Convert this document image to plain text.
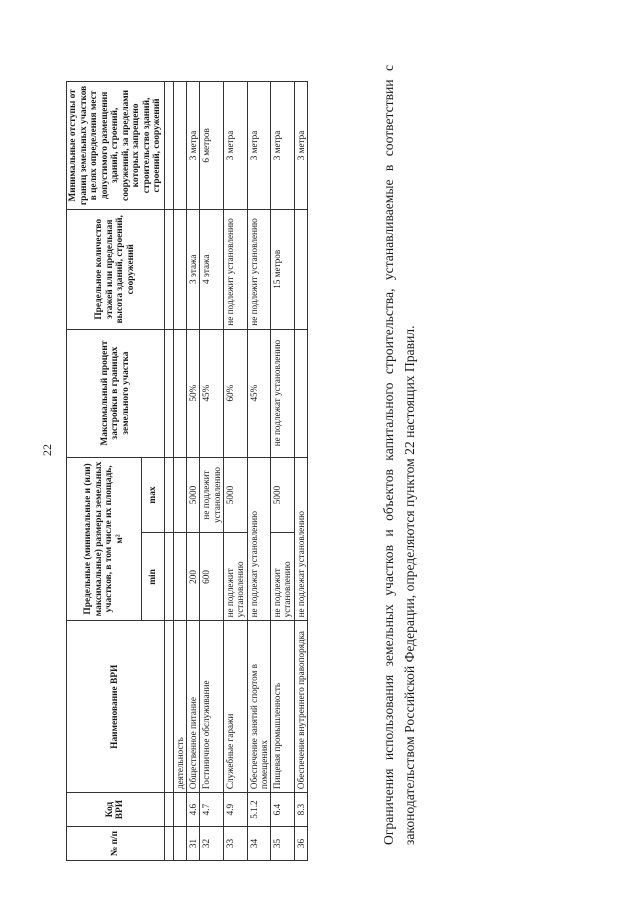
22
№ п/п	Код ВРИ	Наименование ВРИ	Предельные (минимальные и (или) максимальные) размеры земельных участков, в том числе их площадь, м²		Максимальный процент застройки в границах земельного участка	Предельное количество этажей или предельная высота зданий, строений, сооружений	Минимальные отступы от границ земельных участков в целях определения мест допустимого размещения зданий, строений, сооружений, за пределами которых запрещено строительство зданий, строений, сооружений
			min	max			

		деятельность					
31	4.6	Общественное питание	200	5000	50%	3 этажа	3 метра
32	4.7	Гостиничное обслуживание	600	не подлежит установлению	45%	4 этажа	6 метров
33	4.9	Служебные гаражи	не подлежит установлению	5000	60%	не подлежит установлению	3 метра
34	5.1.2	Обеспечение занятий спортом в помещениях	не подлежат установлению		45%	не подлежит установлению	3 метра
35	6.4	Пищевая промышленность	не подлежит установлению	5000	не подлежат установлению	15 метров	3 метра
36	8.3	Обеспечение внутреннего правопорядка	не подлежат установлению				3 метра	Ограничения использования земельных участков и объектов капитального строительства, устанавливаемые в соответствии с законодательством Российской Федерации, определяются пунктом 22 настоящих Правил.
